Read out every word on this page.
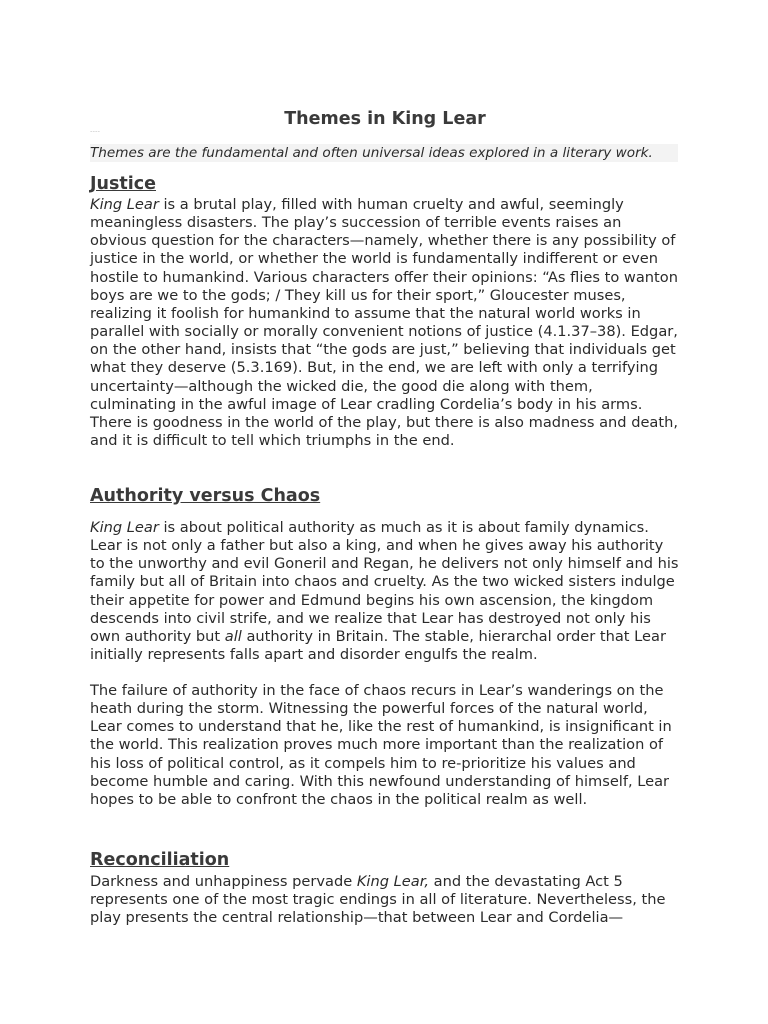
Themes in King Lear
~~~~

Themes are the fundamental and often universal ideas explored in a literary work.

Justice

King Lear is a brutal play, filled with human cruelty and awful, seemingly meaningless disasters. The play’s succession of terrible events raises an obvious question for the characters—namely, whether there is any possibility of justice in the world, or whether the world is fundamentally indifferent or even hostile to humankind. Various characters offer their opinions: “As flies to wanton boys are we to the gods; / They kill us for their sport,” Gloucester muses, realizing it foolish for humankind to assume that the natural world works in parallel with socially or morally convenient notions of justice (4.1.37–38). Edgar, on the other hand, insists that “the gods are just,” believing that individuals get what they deserve (5.3.169). But, in the end, we are left with only a terrifying uncertainty—although the wicked die, the good die along with them, culminating in the awful image of Lear cradling Cordelia’s body in his arms. There is goodness in the world of the play, but there is also madness and death, and it is difficult to tell which triumphs in the end.

Authority versus Chaos

King Lear is about political authority as much as it is about family dynamics. Lear is not only a father but also a king, and when he gives away his authority to the unworthy and evil Goneril and Regan, he delivers not only himself and his family but all of Britain into chaos and cruelty. As the two wicked sisters indulge their appetite for power and Edmund begins his own ascension, the kingdom descends into civil strife, and we realize that Lear has destroyed not only his own authority but all authority in Britain. The stable, hierarchal order that Lear initially represents falls apart and disorder engulfs the realm.

The failure of authority in the face of chaos recurs in Lear’s wanderings on the heath during the storm. Witnessing the powerful forces of the natural world, Lear comes to understand that he, like the rest of humankind, is insignificant in the world. This realization proves much more important than the realization of his loss of political control, as it compels him to re-prioritize his values and become humble and caring. With this newfound understanding of himself, Lear hopes to be able to confront the chaos in the political realm as well.

Reconciliation

Darkness and unhappiness pervade King Lear, and the devastating Act 5 represents one of the most tragic endings in all of literature. Nevertheless, the play presents the central relationship—that between Lear and Cordelia—
